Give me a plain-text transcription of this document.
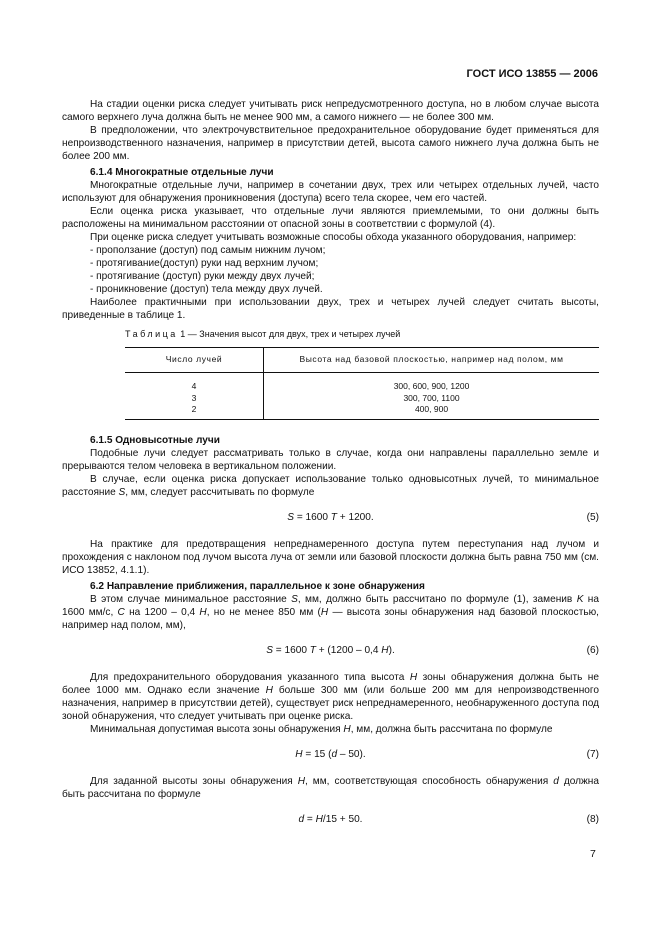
ГОСТ ИСО 13855 — 2006

На стадии оценки риска следует учитывать риск непредусмотренного доступа, но в любом случае высота самого верхнего луча должна быть не менее 900 мм, а самого нижнего — не более 300 мм.

В предположении, что электрочувствительное предохранительное оборудование будет применяться для непроизводственного назначения, например в присутствии детей, высота самого нижнего луча должна быть не более 200 мм.

6.1.4 Многократные отдельные лучи

Многократные отдельные лучи, например в сочетании двух, трех или четырех отдельных лучей, часто используют для обнаружения проникновения (доступа) всего тела скорее, чем его частей.

Если оценка риска указывает, что отдельные лучи являются приемлемыми, то они должны быть расположены на минимальном расстоянии от опасной зоны в соответствии с формулой (4).

При оценке риска следует учитывать возможные способы обхода указанного оборудования, например:

- проползание (доступ) под самым нижним лучом;

- протягивание(доступ) руки над верхним лучом;

- протягивание (доступ) руки между двух лучей;

- проникновение (доступ) тела между двух лучей.

Наиболее практичными при использовании двух, трех и четырех лучей следует считать высоты, приведенные в таблице 1.

Таблица 1 — Значения высот для двух, трех и четырех лучей
Число лучей	Высота над базовой плоскостью, например над полом, мм
4	300, 600, 900, 1200
3	300, 700, 1100
2	400, 900

6.1.5 Одновысотные лучи

Подобные лучи следует рассматривать только в случае, когда они направлены параллельно земле и прерываются телом человека в вертикальном положении.

В случае, если оценка риска допускает использование только одновысотных лучей, то минимальное расстояние S, мм, следует рассчитывать по формуле

S = 1600 T + 1200.	(5)

На практике для предотвращения непреднамеренного доступа путем переступания над лучом и прохождения с наклоном под лучом высота луча от земли или базовой плоскости должна быть равна 750 мм (см. ИСО 13852, 4.1.1).

6.2 Направление приближения, параллельное к зоне обнаружения

В этом случае минимальное расстояние S, мм, должно быть рассчитано по формуле (1), заменив K на 1600 мм/с, C на 1200 – 0,4 H, но не менее 850 мм (H — высота зоны обнаружения над базовой плоскостью, например над полом, мм),

S = 1600 T + (1200 – 0,4 H).	(6)

Для предохранительного оборудования указанного типа высота H зоны обнаружения должна быть не более 1000 мм. Однако если значение H больше 300 мм (или больше 200 мм для непроизводственного назначения, например в присутствии детей), существует риск непреднамеренного, необнаруженного доступа под зоной обнаружения, что следует учитывать при оценке риска.

Минимальная допустимая высота зоны обнаружения H, мм, должна быть рассчитана по формуле

H = 15 (d – 50).	(7)

Для заданной высоты зоны обнаружения H, мм, соответствующая способность обнаружения d должна быть рассчитана по формуле

d = H/15 + 50.	(8)
7
